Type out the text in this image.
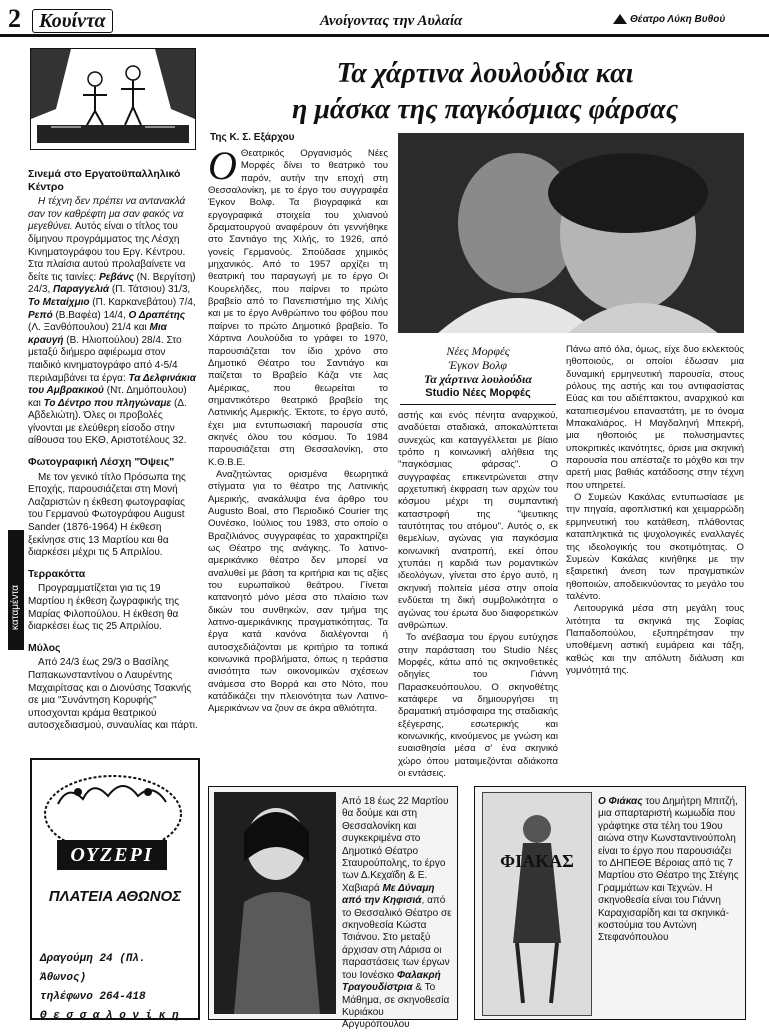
2 Κουίντα	Ανοίγοντας την Αυλαία	Θέατρο Λύκη Βυθού
καταμέντα
Σινεμά στο Εργατοϋπαλληλικό Κέντρο

Η τέχνη δεν πρέπει να αντανακλά σαν τον καθρέφτη μα σαν φακός να μεγεθύνει. Αυτός είναι ο τίτλος του δίμηνου προγράμματος της Λέσχη Κινηματογράφου του Εργ. Κέντρου. Στα πλαίσια αυτού προλαβαίνετε να δείτε τις ταινίες: Ρεβάνς (Ν. Βεργίτση) 24/3, Παραγγελιά (Π. Τάτσιου) 31/3, Το Μεταίχμιο (Π. Καρκανεβάτου) 7/4, Ρεπό (Β.Βαφέα) 14/4, Ο Δραπέτης (Λ. Ξανθόπουλου) 21/4 και Μια κραυγή (Β. Ηλιοπούλου) 28/4. Στο μεταξύ διήμερο αφιέρωμα στον παιδικό κινηματογράφο από 4-5/4 περιλαμβάνει τα έργα: Τα Δελφινάκια του Αμβρακικού (Ντ. Δημόπουλου) και Το Δέντρο που πληγώναμε (Δ. Αβδελιώτη). Όλες οι προβολές γίνονται με ελεύθερη είσοδο στην αίθουσα του ΕΚΘ, Αριστοτέλους 32.

Φωτογραφική Λέσχη "Όψεις"

Με τον γενικό τίτλο Πρόσωπα της Εποχής, παρουσιάζεται στη Μονή Λαζαριστών η έκθεση φωτογραφίας του Γερμανού Φωτογράφου August Sander (1876-1964) Η έκθεση ξεκίνησε στις 13 Μαρτίου και θα διαρκέσει μέχρι τις 5 Απριλίου.

Τερρακόττα

Προγραμματίζεται για τις 19 Μαρτίου η έκθεση ζωγραφικής της Μαρίας Φιλοπούλου. Η έκθεση θα διαρκέσει έως τις 25 Απριλίου.

Μύλος

Από 24/3 έως 29/3 ο Βασίλης Παπακωνσταντίνου ο Λαυρέντης Μαχαιρίτσας και ο Διονύσης Τσακνής σε μια "Συνάντηση Κορυφής" υποσχονται κράμα θεατρικού αυτοσχεδιασμού, συναυλίας και πάρτι.

ΟΥΖΕΡΙ
ΠΛΑΤΕΙΑ ΑΘΩΝΟΣ
Δραγούμη 24 (Πλ. Άθωνος)
τηλέφωνο 264-418
Θ ε σ σ α λ ο ν ί κ η
Τα χάρτινα λουλούδια και
η μάσκα της παγκόσμιας φάρσας
Της Κ. Σ. Εξάρχου
Ο Θεατρικός Οργανισμός Νέες Μορφές δίνει το θεατρικό του παρόν, αυτήν την εποχή στη Θεσσαλονίκη, με το έργο του συγγραφέα Έγκον Βολφ. Τα βιογραφικά και εργογραφικά στοιχεία του χιλιανού δραματουργού αναφέρουν ότι γεννήθηκε στο Σαντιάγο της Χιλής, το 1926, από γονείς Γερμανούς. Σπούδασε χημικός μηχανικός. Από το 1957 αρχίζει τη θεατρική του παραγωγή με το έργο Οι Κουρελήδες, που παίρνει το πρώτο βραβείο από το Πανεπιστήμιο της Χιλής και με το έργο Ανθρώπινο του φόβου που παίρνει το πρώτο Δημοτικό βραβείο. Το Χάρτινα Λουλούδια το γράφει το 1970, παρουσιάζεται τον ίδιο χρόνο στο Δημοτικό Θέατρο του Σαντιάγο και παίζεται το Βραβείο Κάζα ντε λας Αμέρικας, που θεωρείται το σημαντικότερο θεατρικό βραβείο της Λατινικής Αμερικής. Έκτοτε, το έργο αυτό, έχει μια εντυπωσιακή παρουσία στις σκηνές όλου του κόσμου. Το 1984 παρουσιάζεται στη Θεσσαλονίκη, στο Κ.Θ.Β.Ε.

Αναζητώντας ορισμένα θεωρητικά στίγματα για το θέατρο της Λατινικής Αμερικής, ανακάλυψα ένα άρθρο του Augusto Boal, στο Περιοδικό Courier της Ουνέσκο, Ιούλιος του 1983, στο οποίο ο Βραζιλιάνος συγγραφέας το χαρακτηρίζει ως Θέατρο της ανάγκης. Το λατινο-αμερικάνικο θέατρο δεν μπορεί να αναλυθεί με βάση τα κριτήρια και τις αξίες του ευρωπαϊκού θεάτρου. Γίνεται κατανοητό μόνο μέσα στο πλαίσιο των δικών του συνθηκών, σαν τμήμα της λατινο-αμερικάνικης πραγματικότητας. Τα έργα κατά κανόνα διαλέγονται ή αυτοσχεδιάζονται με κριτήριο τα τοπικά κοινωνικά προβλήματα, όπως η τεράστια ανισότητα των οικονομικών σχέσεων ανάμεσα στο Βορρά και στο Νότο, που κατάδικάζει την πλειονότητα των Λατινο-Αμερικάνων να ζουν σε άκρα αθλιότητα.

Νέες Μορφές
Έγκον Βολφ
Τα χάρτινα λουλούδια
Studio Νέες Μορφές

αστής και ενός πένητα αναρχικού, αναδύεται σταδιακά, αποκαλύπτεται συνεχώς και καταγγέλλεται με βίαιο τρόπο η κοινωνική αλήθεια της "παγκόσμιας φάρσας". Ο συγγραφέας επικεντρώνεται στην αρχετυπική έκφραση των αρχών του κόσμου μέχρι τη συμπαντική καταστροφή της "ψευτικης ταυτότητας του ατόμου". Αυτός ο, εκ θεμελίων, αγώνας για παγκόσμια κοινωνική ανατροπή, εκεί όπου χτυπάει η καρδιά των ρομαντικών ιδεολόγων, γίνεται στο έργο αυτό, η σκηνική πολιτεία μέσα στην οποία ενδύεται τη δική συμβολικότητα ο αγώνας του έρωτα δυο διαφορετικών ανθρώπων.

Το ανέβασμα του έργου ευτύχησε στην παράσταση του Studio Νέες Μορφές, κάτω από τις σκηνοθετικές οδηγίες του Γιάννη Παρασκευόπουλου. Ο σκηνοθέτης κατάφερε να δημιουργήσει τη δραματική ατμόσφαιρα της σταδιακής εξέγερσης, εσωτερικής και κοινωνικής, κινούμενος με γνώση και ευαισθησία μέσα σ' ένα σκηνικό χώρο όπου ματαιμεζόνται αδιάκοπα οι εντάσεις.

Πάνω από όλα, όμως, είχε δυο εκλεκτούς ηθοποιούς, οι οποίοι έδωσαν μια δυναμική ερμηνευτική παρουσία, στους ρόλους της αστής και του αντιφασίστας Εύας και του αδιέπτακτου, αναρχικού και καταπιεσμένου επαναστάτη, με το όνομα Μπακαλιάρος. Η Μαγδαληνή Μπεκρή, μια ηθοποιός με πολυσημαντες υποκριτικές ικανότητες, όρισε μια σκηνική παρουσία που απέσταζε το μόχθο και την αρετή μιας βαθιάς κατάδοσης στην τέχνη που υπηρετεί.

Ο Συμεών Κακάλας εντυπωσίασε με την πηγαία, αφοπλιστική και χειμαρρώδη ερμηνευτική του κατάθεση, πλάθοντας καταπληκτικά τις ψυχολογικές εναλλαγές της ιδεολογικής του σκοτιμότητας. Ο Συμεών Κακάλας κινήθηκε με την εξαιρετική άνεση των πραγματικών ηθοποιών, αποδεικνύοντας το μεγάλο του ταλέντο.

Λειτουργικά μέσα στη μεγάλη τους λιτότητα τα σκηνικά της Σοφίας Παπαδοπούλου, εξυπηρέτησαν την υποθέμενη αστική ευμάρεια και τάξη, καθώς και την απόλυτη διάλυση και γυμνότητά της.

Από 18 έως 22 Μαρτίου θα δούμε και στη Θεσσαλονίκη και συγκεκριμένα στο Δημοτικό Θέατρο Σταυρούπολης, το έργο των Δ.Κεχαϊδη & Ε. Χαβιαρά Με Δύναμη από την Κηφισιά, από το Θεσσαλικό Θέατρο σε σκηνοθεσία Κώστα Τσιάνου. Στο μεταξύ άρχισαν στη Λάρισα οι παραστάσεις των έργων του Ιονέσκο Φαλακρή Τραγουδίστρια & Το Μάθημα, σε σκηνοθεσία Κυριάκου Αργυρόπουλου
ΦΙΑΚΑΣ
Ο Φιάκας του Δημήτρη Μπιτζή, μια σπαρταριστή κωμωδία που γράφτηκε στα τέλη του 19ου αιώνα στην Κωνσταντινούπολη είναι το έργο που παρουσιάζει το ΔΗΠΕΘΕ Βέροιας από τις 7 Μαρτίου στο Θέατρο της Στέγης Γραμμάτων και Τεχνών. Η σκηνοθεσία είναι του Γιάννη Καραχισαρίδη και τα σκηνικά-κοστούμια του Αντώνη Στεφανόπουλου
